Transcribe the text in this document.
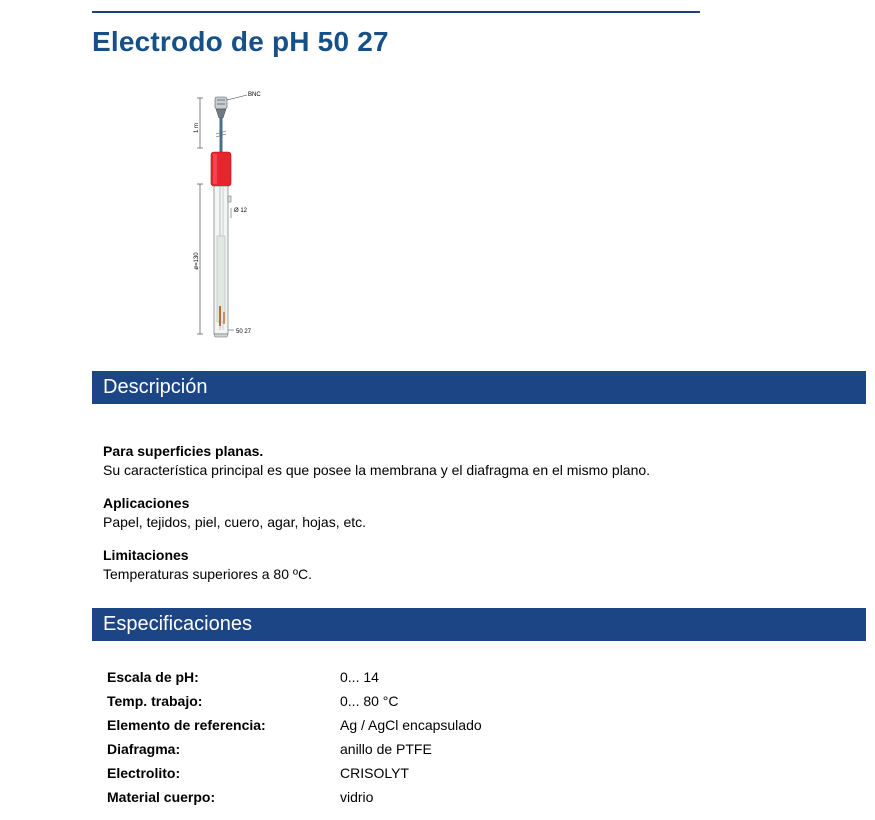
Electrodo de pH 50 27
1 m
ø=130
BNC
Ø 12
50 27
Descripción
Para superficies planas.
Su característica principal es que posee la membrana y el diafragma en el mismo plano.
Aplicaciones
Papel, tejidos, piel, cuero, agar, hojas, etc.
Limitaciones
Temperaturas superiores a 80 ºC.
Especificaciones
Escala de pH:	0... 14
Temp. trabajo:	0... 80 °C
Elemento de referencia:	Ag / AgCl encapsulado
Diafragma:	anillo de PTFE
Electrolito:	CRISOLYT
Material cuerpo:	vidrio
